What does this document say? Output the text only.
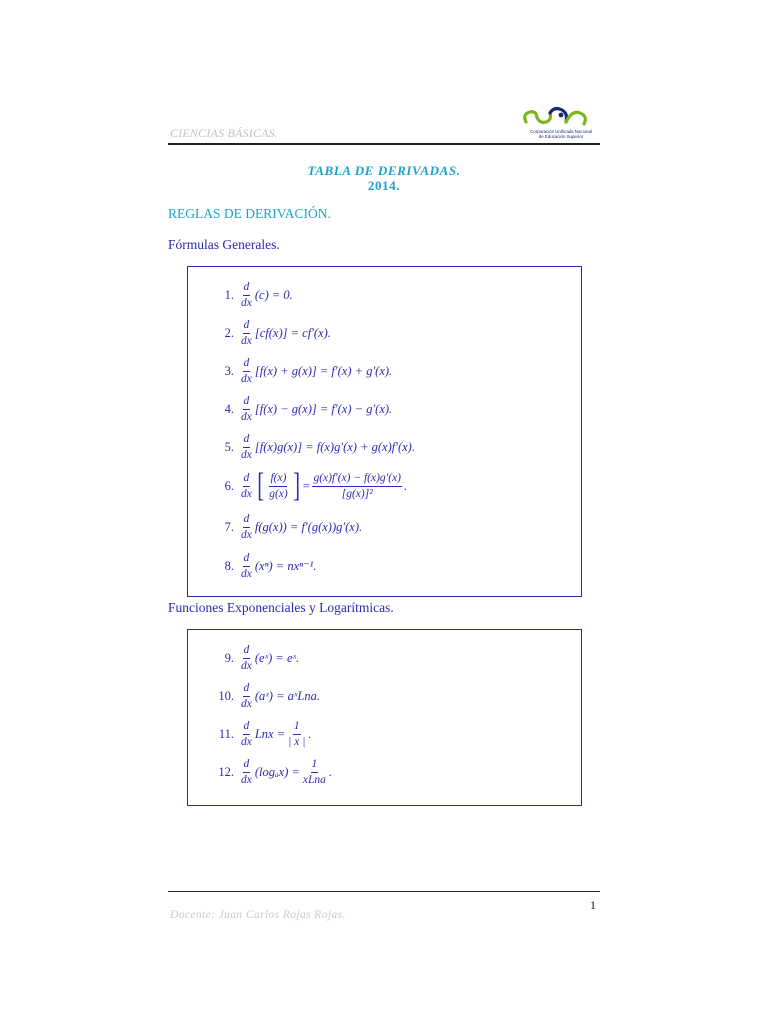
CIENCIAS BÁSICAS.	Corporación Unificada Nacional
de Educación Superior
TABLA DE DERIVADAS.
2014.
REGLAS DE DERIVACIÓN.
Fórmulas Generales.
1. $\frac{d}{dx} (c) = 0$.
2. $\frac{d}{dx} [cf(x)] = cf'(x)$.
3. $\frac{d}{dx} [f(x) + g(x)] = f'(x) + g'(x)$.
4. $\frac{d}{dx} [f(x) - g(x)] = f'(x) - g'(x)$.
5. $\frac{d}{dx} [f(x)g(x)] = f(x)g'(x) + g(x)f'(x)$.
6. $\frac{d}{dx}$ [ $\frac{f(x)}{g(x)}$ ] = $\frac{g(x)f'(x) - f(x)g'(x)}{\text{[g(x)]²}}$ .
7. $\frac{d}{dx} f(g(x)) = f'(g(x))g'(x)$.
8. $\frac{d}{dx} (x^n) = nx^{n-1}$.
Funciones Exponenciales y Logarítmicas.
9. $\frac{d}{dx}$ (eˣ) = eˣ.
10. $\frac{d}{dx}$ (aˣ) = aˣLna.
11. $\frac{d}{dx}$ Lnx = $\frac{1}{| x |}$ .
12. $\frac{d}{dx} (\log_ax) = \frac{1}{\text{xLna}}$ .
1
Docente: Juan Carlos Rojas Rojas.
